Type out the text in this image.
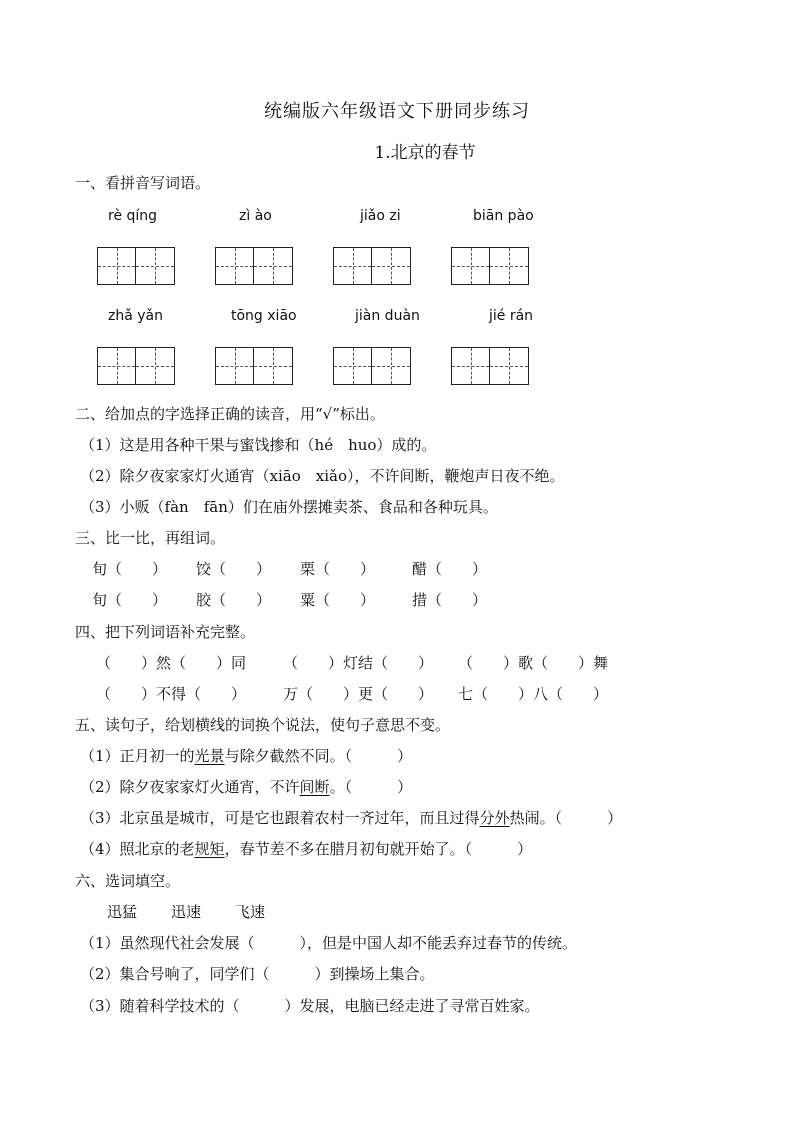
统编版六年级语文下册同步练习
1.北京的春节
一、看拼音写词语。
rè qíng	zì ào	jiǎo zi	biān pào
zhǎ yǎn	tōng xiāo	jiàn duàn	jié rán
二、给加点的字选择正确的读音，用“√”标出。
（1）这是用各种干果与蜜饯掺和（hé　huo）成的。
（2）除夕夜家家灯火通宵（xiāo　xiǎo），不许间断，鞭炮声日夜不绝。
（3）小贩（fàn　fān）们在庙外摆摊卖茶、食品和各种玩具。
三、比一比，再组词。
旬（　　） 饺（　　） 栗（　　） 醋（　　）
旬（　　） 胶（　　） 粟（　　） 措（　　）
四、把下列词语补充完整。
（　　）然（　　）同 （　　）灯结（　　） （　　）歌（　　）舞
（　　）不得（　　） 万（　　）更（　　） 七（　　）八（　　）
五、读句子，给划横线的词换个说法，使句子意思不变。
（1）正月初一的光景与除夕截然不同。（　　　）
（2）除夕夜家家灯火通宵，不许间断。（　　　）
（3）北京虽是城市，可是它也跟着农村一齐过年，而且过得分外热闹。（　　　）
（4）照北京的老规矩，春节差不多在腊月初旬就开始了。（　　　）
六、选词填空。
迅猛 迅速 飞速
（1）虽然现代社会发展（　　　），但是中国人却不能丢弃过春节的传统。
（2）集合号响了，同学们（　　　）到操场上集合。
（3）随着科学技术的（　　　）发展，电脑已经走进了寻常百姓家。
